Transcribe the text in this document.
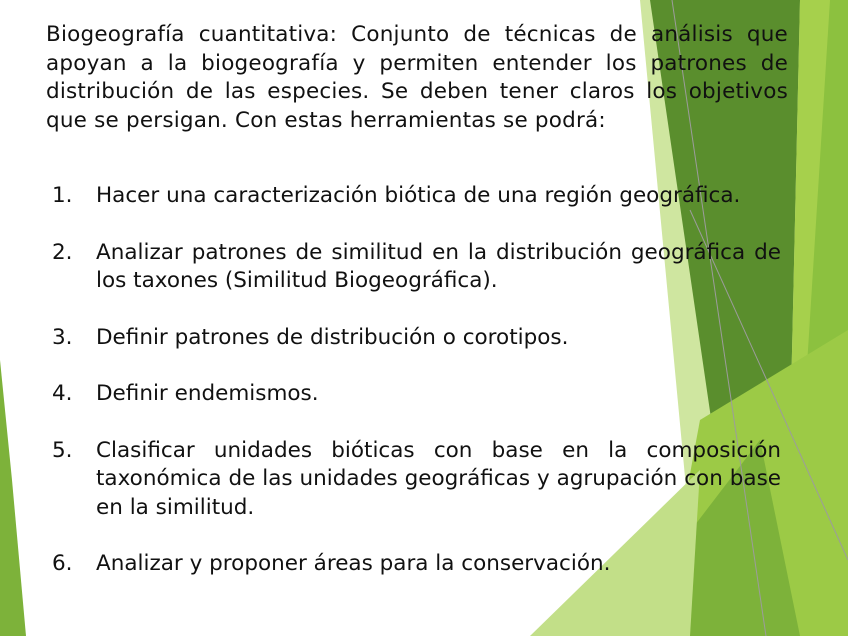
Biogeografía cuantitativa: Conjunto de técnicas de análisis que apoyan a la biogeografía y permiten entender los patrones de distribución de las especies. Se deben tener claros los objetivos que se persigan. Con estas herramientas se podrá:

1. Hacer una caracterización biótica de una región geográfica.
2. Analizar patrones de similitud en la distribución geográfica de los taxones (Similitud Biogeográfica).
3. Definir patrones de distribución o corotipos.
4. Definir endemismos.
5. Clasificar unidades bióticas con base en la composición taxonómica de las unidades geográficas y agrupación con base en la similitud.
6. Analizar y proponer áreas para la conservación.
